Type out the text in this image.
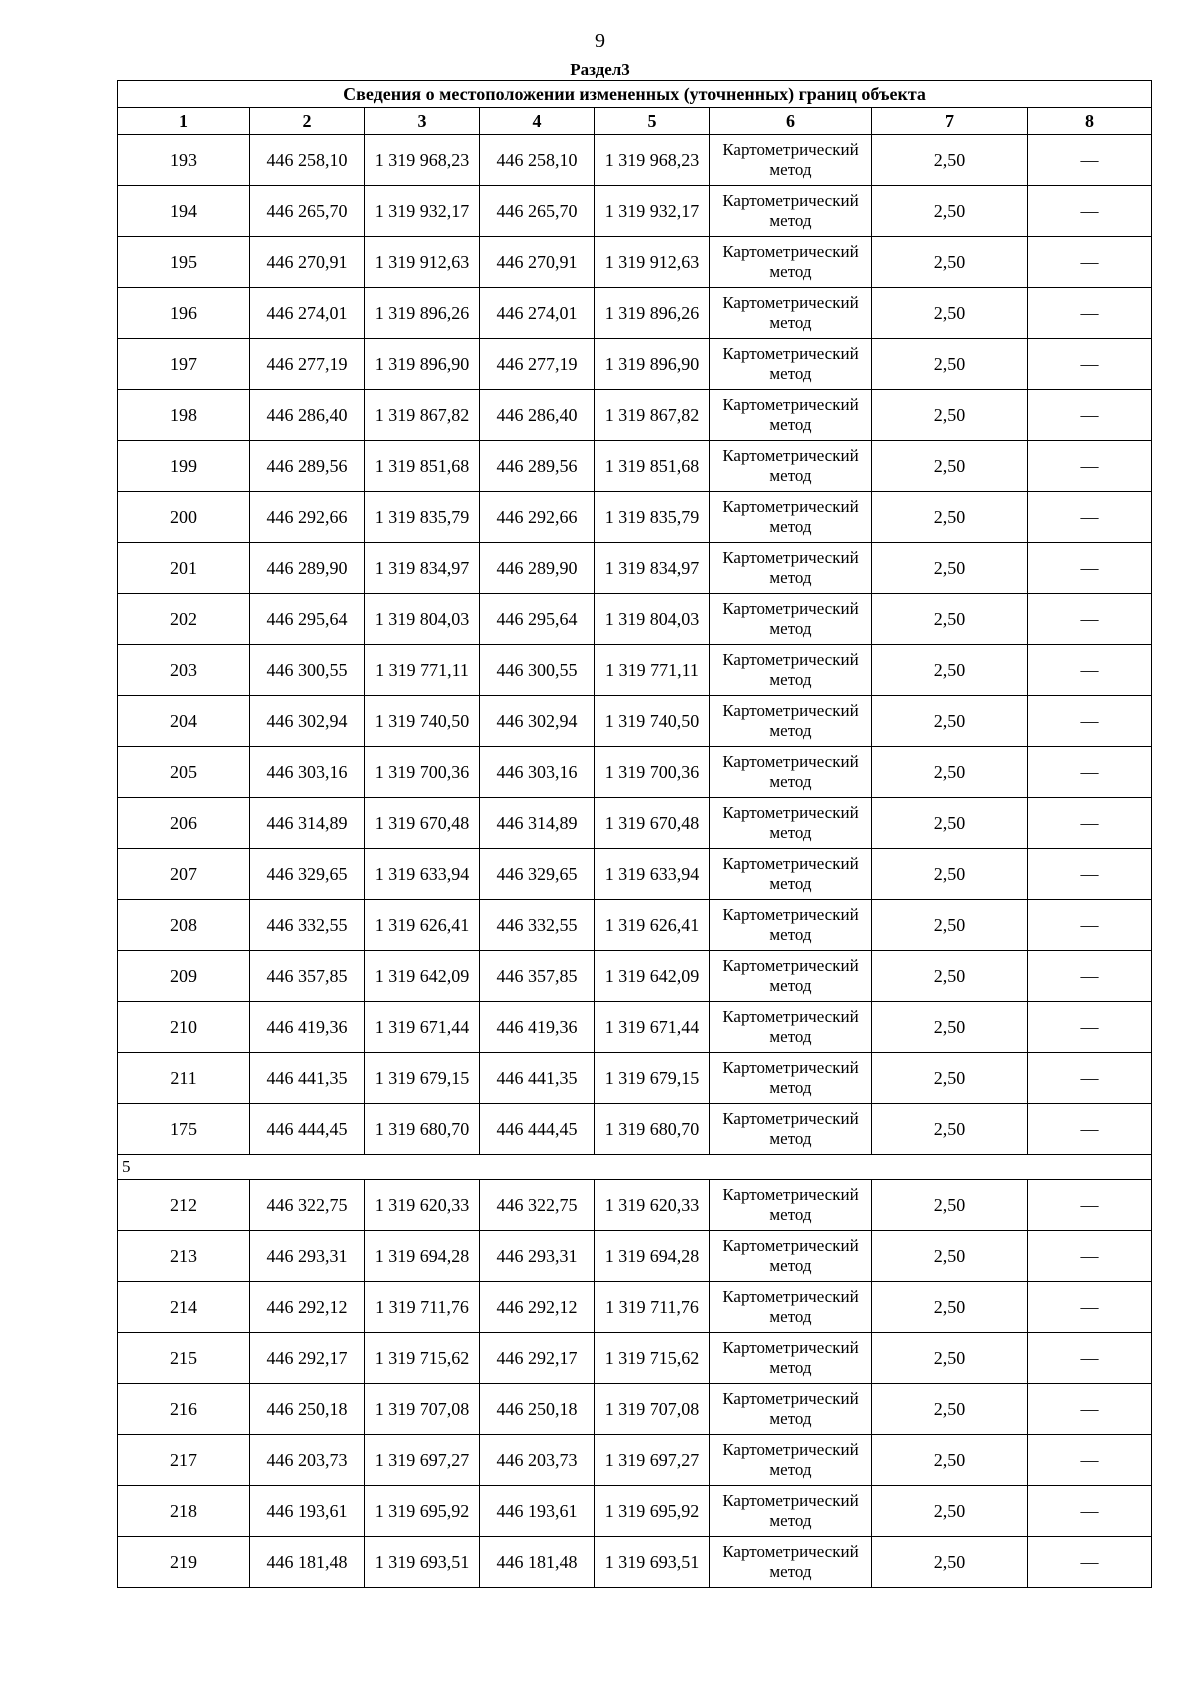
9
Раздел3
Сведения о местоположении измененных (уточненных) границ объекта							
1	2	3	4	5	6	7	8
193	446 258,10	1 319 968,23	446 258,10	1 319 968,23	Картометрический метод	2,50	—
194	446 265,70	1 319 932,17	446 265,70	1 319 932,17	Картометрический метод	2,50	—
195	446 270,91	1 319 912,63	446 270,91	1 319 912,63	Картометрический метод	2,50	—
196	446 274,01	1 319 896,26	446 274,01	1 319 896,26	Картометрический метод	2,50	—
197	446 277,19	1 319 896,90	446 277,19	1 319 896,90	Картометрический метод	2,50	—
198	446 286,40	1 319 867,82	446 286,40	1 319 867,82	Картометрический метод	2,50	—
199	446 289,56	1 319 851,68	446 289,56	1 319 851,68	Картометрический метод	2,50	—
200	446 292,66	1 319 835,79	446 292,66	1 319 835,79	Картометрический метод	2,50	—
201	446 289,90	1 319 834,97	446 289,90	1 319 834,97	Картометрический метод	2,50	—
202	446 295,64	1 319 804,03	446 295,64	1 319 804,03	Картометрический метод	2,50	—
203	446 300,55	1 319 771,11	446 300,55	1 319 771,11	Картометрический метод	2,50	—
204	446 302,94	1 319 740,50	446 302,94	1 319 740,50	Картометрический метод	2,50	—
205	446 303,16	1 319 700,36	446 303,16	1 319 700,36	Картометрический метод	2,50	—
206	446 314,89	1 319 670,48	446 314,89	1 319 670,48	Картометрический метод	2,50	—
207	446 329,65	1 319 633,94	446 329,65	1 319 633,94	Картометрический метод	2,50	—
208	446 332,55	1 319 626,41	446 332,55	1 319 626,41	Картометрический метод	2,50	—
209	446 357,85	1 319 642,09	446 357,85	1 319 642,09	Картометрический метод	2,50	—
210	446 419,36	1 319 671,44	446 419,36	1 319 671,44	Картометрический метод	2,50	—
211	446 441,35	1 319 679,15	446 441,35	1 319 679,15	Картометрический метод	2,50	—
175	446 444,45	1 319 680,70	446 444,45	1 319 680,70	Картометрический метод	2,50	—
5							
212	446 322,75	1 319 620,33	446 322,75	1 319 620,33	Картометрический метод	2,50	—
213	446 293,31	1 319 694,28	446 293,31	1 319 694,28	Картометрический метод	2,50	—
214	446 292,12	1 319 711,76	446 292,12	1 319 711,76	Картометрический метод	2,50	—
215	446 292,17	1 319 715,62	446 292,17	1 319 715,62	Картометрический метод	2,50	—
216	446 250,18	1 319 707,08	446 250,18	1 319 707,08	Картометрический метод	2,50	—
217	446 203,73	1 319 697,27	446 203,73	1 319 697,27	Картометрический метод	2,50	—
218	446 193,61	1 319 695,92	446 193,61	1 319 695,92	Картометрический метод	2,50	—
219	446 181,48	1 319 693,51	446 181,48	1 319 693,51	Картометрический метод	2,50	—
